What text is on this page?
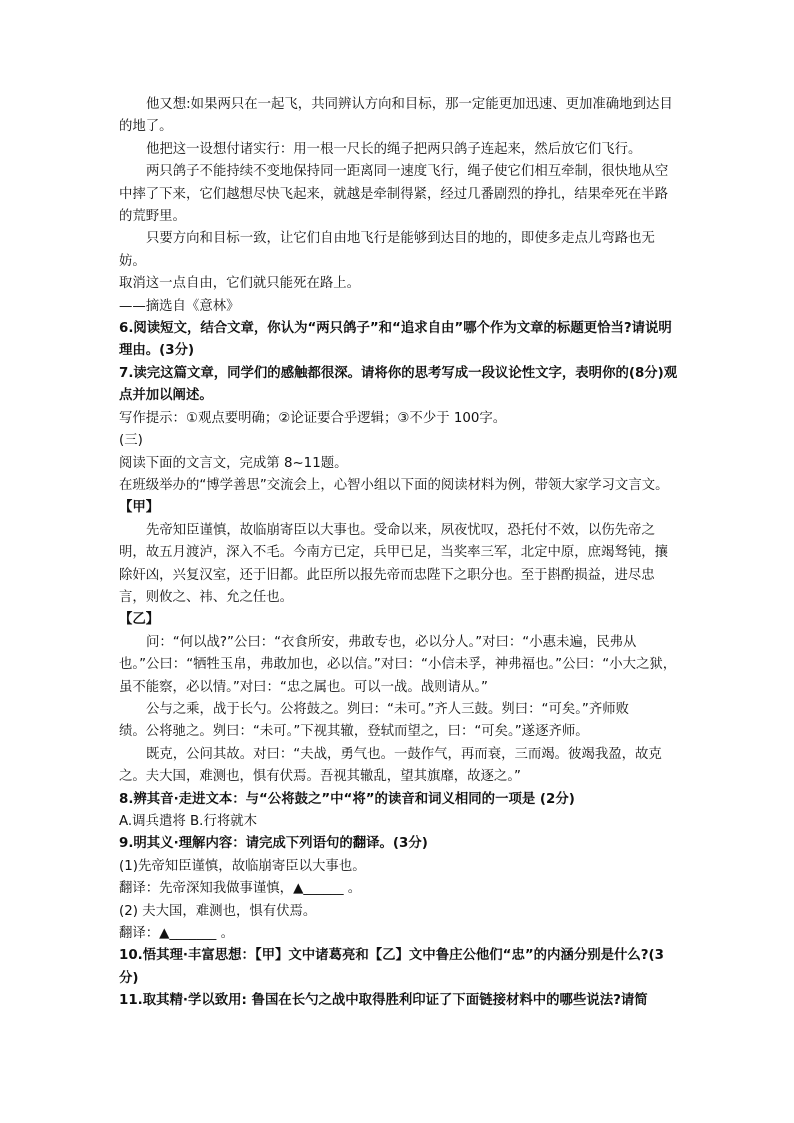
他又想:如果两只在一起飞，共同辨认方向和目标，那一定能更加迅速、更加准确地到达目的地了。

他把这一设想付诸实行：用一根一尺长的绳子把两只鸽子连起来，然后放它们飞行。

两只鸽子不能持续不变地保持同一距离同一速度飞行，绳子使它们相互牵制，很快地从空中摔了下来，它们越想尽快飞起来，就越是牵制得紧，经过几番剧烈的挣扎，结果牵死在半路的荒野里。

只要方向和目标一致，让它们自由地飞行是能够到达目的地的，即使多走点儿弯路也无妨。

取消这一点自由，它们就只能死在路上。

——摘选自《意林》

6.阅读短文，结合文章，你认为“两只鸽子”和“追求自由”哪个作为文章的标题更恰当?请说明理由。(3分)

7.读完这篇文章，同学们的感触都很深。请将你的思考写成一段议论性文字，表明你的(8分)观点并加以阐述。

写作提示：①观点要明确；②论证要合乎逻辑；③不少于 100字。

(三)

阅读下面的文言文，完成第 8~11题。

在班级举办的“博学善思”交流会上，心智小组以下面的阅读材料为例，带领大家学习文言文。

【甲】

先帝知臣谨慎，故临崩寄臣以大事也。受命以来，夙夜忧叹，恐托付不效，以伤先帝之明，故五月渡泸，深入不毛。今南方已定，兵甲已足，当奖率三军，北定中原，庶竭驽钝，攘除奸凶，兴复汉室，还于旧都。此臣所以报先帝而忠陛下之职分也。至于斟酌损益，进尽忠言，则攸之、祎、允之任也。

【乙】

问：“何以战?”公曰：“衣食所安，弗敢专也，必以分人。”对曰：“小惠未遍，民弗从

也。”公曰：“牺牲玉帛，弗敢加也，必以信。”对曰：“小信未孚，神弗福也。”公曰：“小大之狱，虽不能察，必以情。”对曰：“忠之属也。可以一战。战则请从。”

公与之乘，战于长勺。公将鼓之。刿曰：“未可。”齐人三鼓。刿曰：“可矣。”齐师败

绩。公将驰之。刿曰：“未可。”下视其辙，登轼而望之，曰：“可矣。”遂逐齐师。

既克，公问其故。对曰：“夫战，勇气也。一鼓作气，再而衰，三而竭。彼竭我盈，故克之。夫大国，难测也，惧有伏焉。吾视其辙乱，望其旗靡，故逐之。”

8.辨其音·走进文本：与“公将鼓之”中“将”的读音和词义相同的一项是 (2分)

A.调兵遣将 B.行将就木

9.明其义·理解内容：请完成下列语句的翻译。(3分)

(1)先帝知臣谨慎，故临崩寄臣以大事也。

翻译：先帝深知我做事谨慎，▲______ 。

(2) 夫大国，难测也，惧有伏焉。

翻译：▲_______ 。

10.悟其理·丰富思想：【甲】文中诸葛亮和【乙】文中鲁庄公他们“忠”的内涵分别是什么?(3分)

11.取其精·学以致用: 鲁国在长勺之战中取得胜利印证了下面链接材料中的哪些说法?请简
